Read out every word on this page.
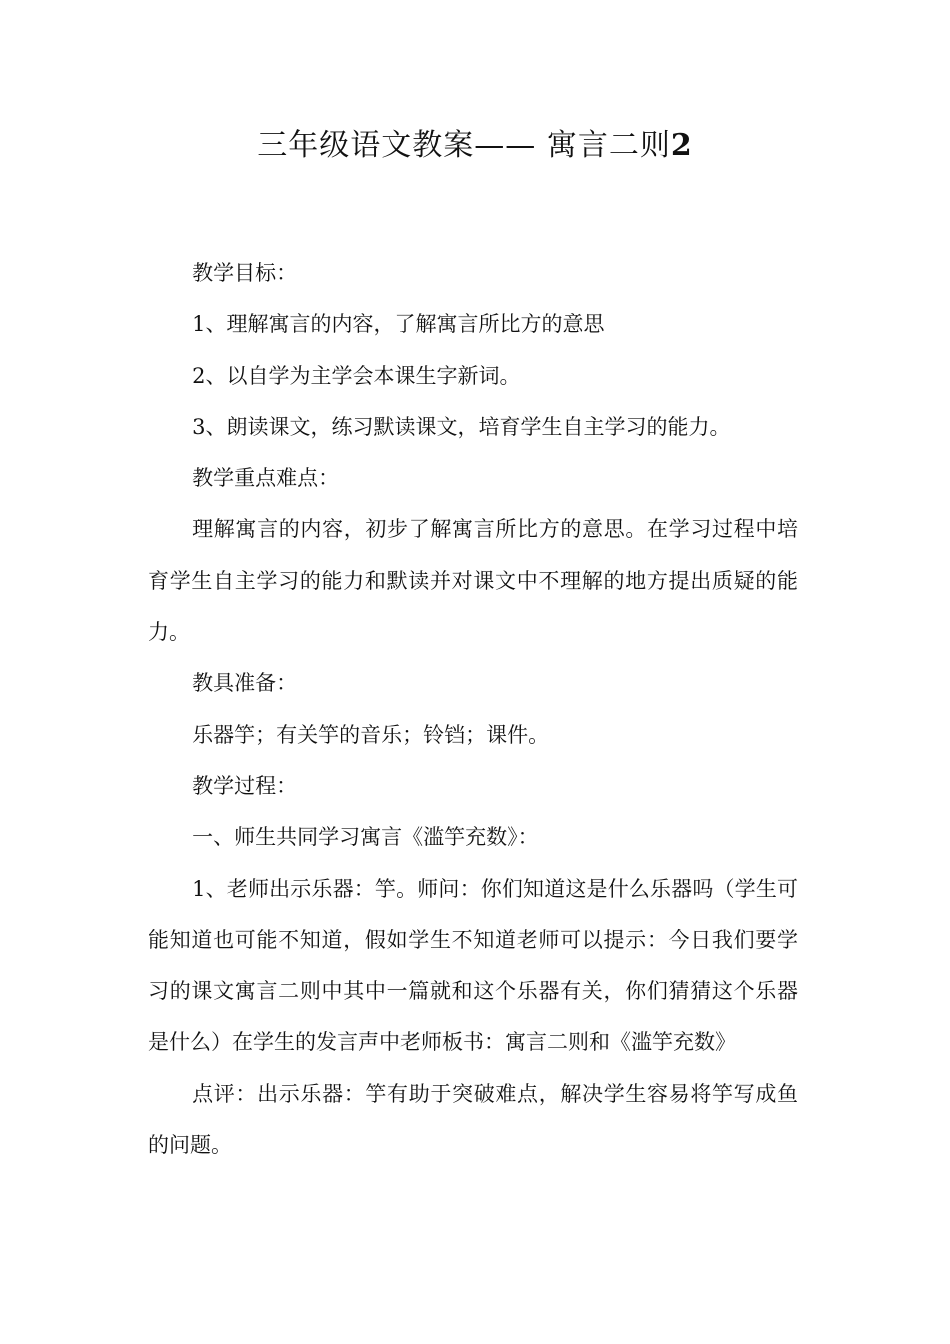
三年级语文教案—— 寓言二则2

教学目标：

1、理解寓言的内容，了解寓言所比方的意思

2、以自学为主学会本课生字新词。

3、朗读课文，练习默读课文，培育学生自主学习的能力。

教学重点难点：

理解寓言的内容，初步了解寓言所比方的意思。在学习过程中培育学生自主学习的能力和默读并对课文中不理解的地方提出质疑的能力。

教具准备：

乐器竽；有关竽的音乐；铃铛；课件。

教学过程：

一、师生共同学习寓言《滥竽充数》：

1、老师出示乐器：竽。师问：你们知道这是什么乐器吗（学生可能知道也可能不知道，假如学生不知道老师可以提示：今日我们要学习的课文寓言二则中其中一篇就和这个乐器有关，你们猜猜这个乐器是什么）在学生的发言声中老师板书：寓言二则和《滥竽充数》

点评：出示乐器：竽有助于突破难点，解决学生容易将竽写成鱼的问题。
